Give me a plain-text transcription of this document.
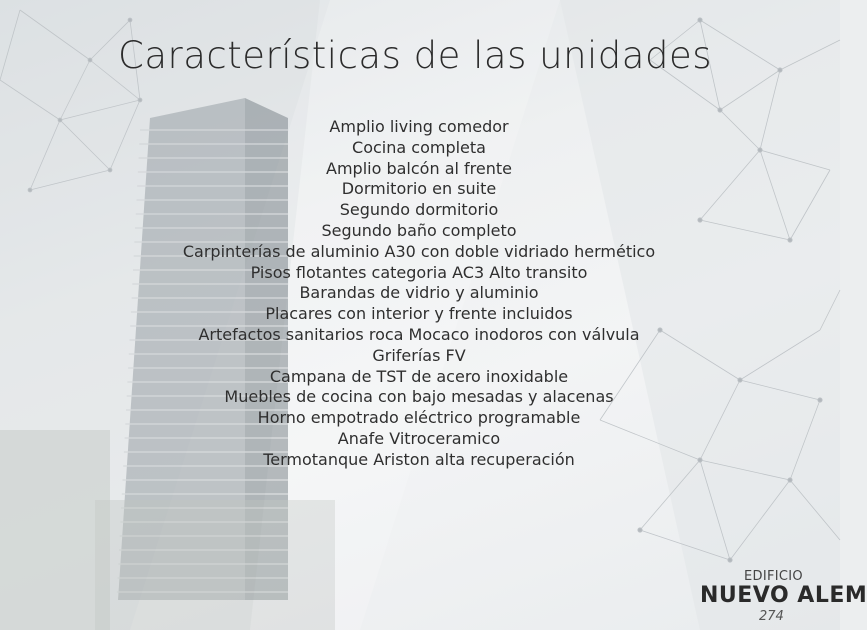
Características de las unidades
Amplio living comedor
Cocina completa
Amplio balcón al frente
Dormitorio en suite
Segundo dormitorio
Segundo baño completo
Carpinterías de aluminio A30 con doble vidriado hermético
Pisos flotantes categoria AC3 Alto transito
Barandas de vidrio y aluminio
Placares con interior y frente incluidos
Artefactos sanitarios roca Mocaco inodoros con válvula
Griferías FV
Campana de TST de acero inoxidable
Muebles de cocina con bajo mesadas y alacenas
Horno empotrado eléctrico programable
Anafe Vitroceramico
Termotanque Ariston alta recuperación
EDIFICIO
NUEVO ALEM
274
